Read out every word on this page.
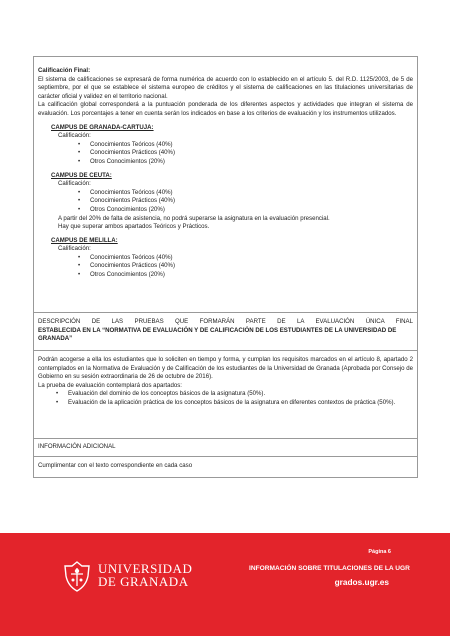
Calificación Final:
El sistema de calificaciones se expresará de forma numérica de acuerdo con lo establecido en el artículo 5. del R.D. 1125/2003, de 5 de septiembre, por el que se establece el sistema europeo de créditos y el sistema de calificaciones en las titulaciones universitarias de carácter oficial y validez en el territorio nacional.
La calificación global corresponderá a la puntuación ponderada de los diferentes aspectos y actividades que integran el sistema de evaluación. Los porcentajes a tener en cuenta serán los indicados en base a los criterios de evaluación y los instrumentos utilizados.
CAMPUS DE GRANADA-CARTUJA:
Calificación:
• Conocimientos Teóricos (40%)
• Conocimientos Prácticos (40%)
• Otros Conocimientos (20%)
CAMPUS DE CEUTA:
Calificación:
• Conocimientos Teóricos (40%)
• Conocimientos Prácticos (40%)
• Otros Conocimientos (20%)
A partir del 20% de falta de asistencia, no podrá superarse la asignatura en la evaluación presencial.
Hay que superar ambos apartados Teóricos y Prácticos.
CAMPUS DE MELILLA:
Calificación:
• Conocimientos Teóricos (40%)
• Conocimientos Prácticos (40%)
• Otros Conocimientos (20%)
DESCRIPCIÓN DE LAS PRUEBAS QUE FORMARÁN PARTE DE LA EVALUACIÓN ÚNICA FINAL
ESTABLECIDA EN LA “NORMATIVA DE EVALUACIÓN Y DE CALIFICACIÓN DE LOS ESTUDIANTES DE LA UNIVERSIDAD DE GRANADA”
Podrán acogerse a ella los estudiantes que lo soliciten en tiempo y forma, y cumplan los requisitos marcados en el artículo 8, apartado 2 contemplados en la Normativa de Evaluación y de Calificación de los estudiantes de la Universidad de Granada (Aprobada por Consejo de Gobierno en su sesión extraordinaria de 26 de octubre de 2016).
La prueba de evaluación contemplará dos apartados:
• Evaluación del dominio de los conceptos básicos de la asignatura (50%).
• Evaluación de la aplicación práctica de los conceptos básicos de la asignatura en diferentes contextos de práctica (50%).
INFORMACIÓN ADICIONAL
Cumplimentar con el texto correspondiente en cada caso
UNIVERSIDAD
DE GRANADA
Página 6
INFORMACIÓN SOBRE TITULACIONES DE LA UGR
grados.ugr.es
